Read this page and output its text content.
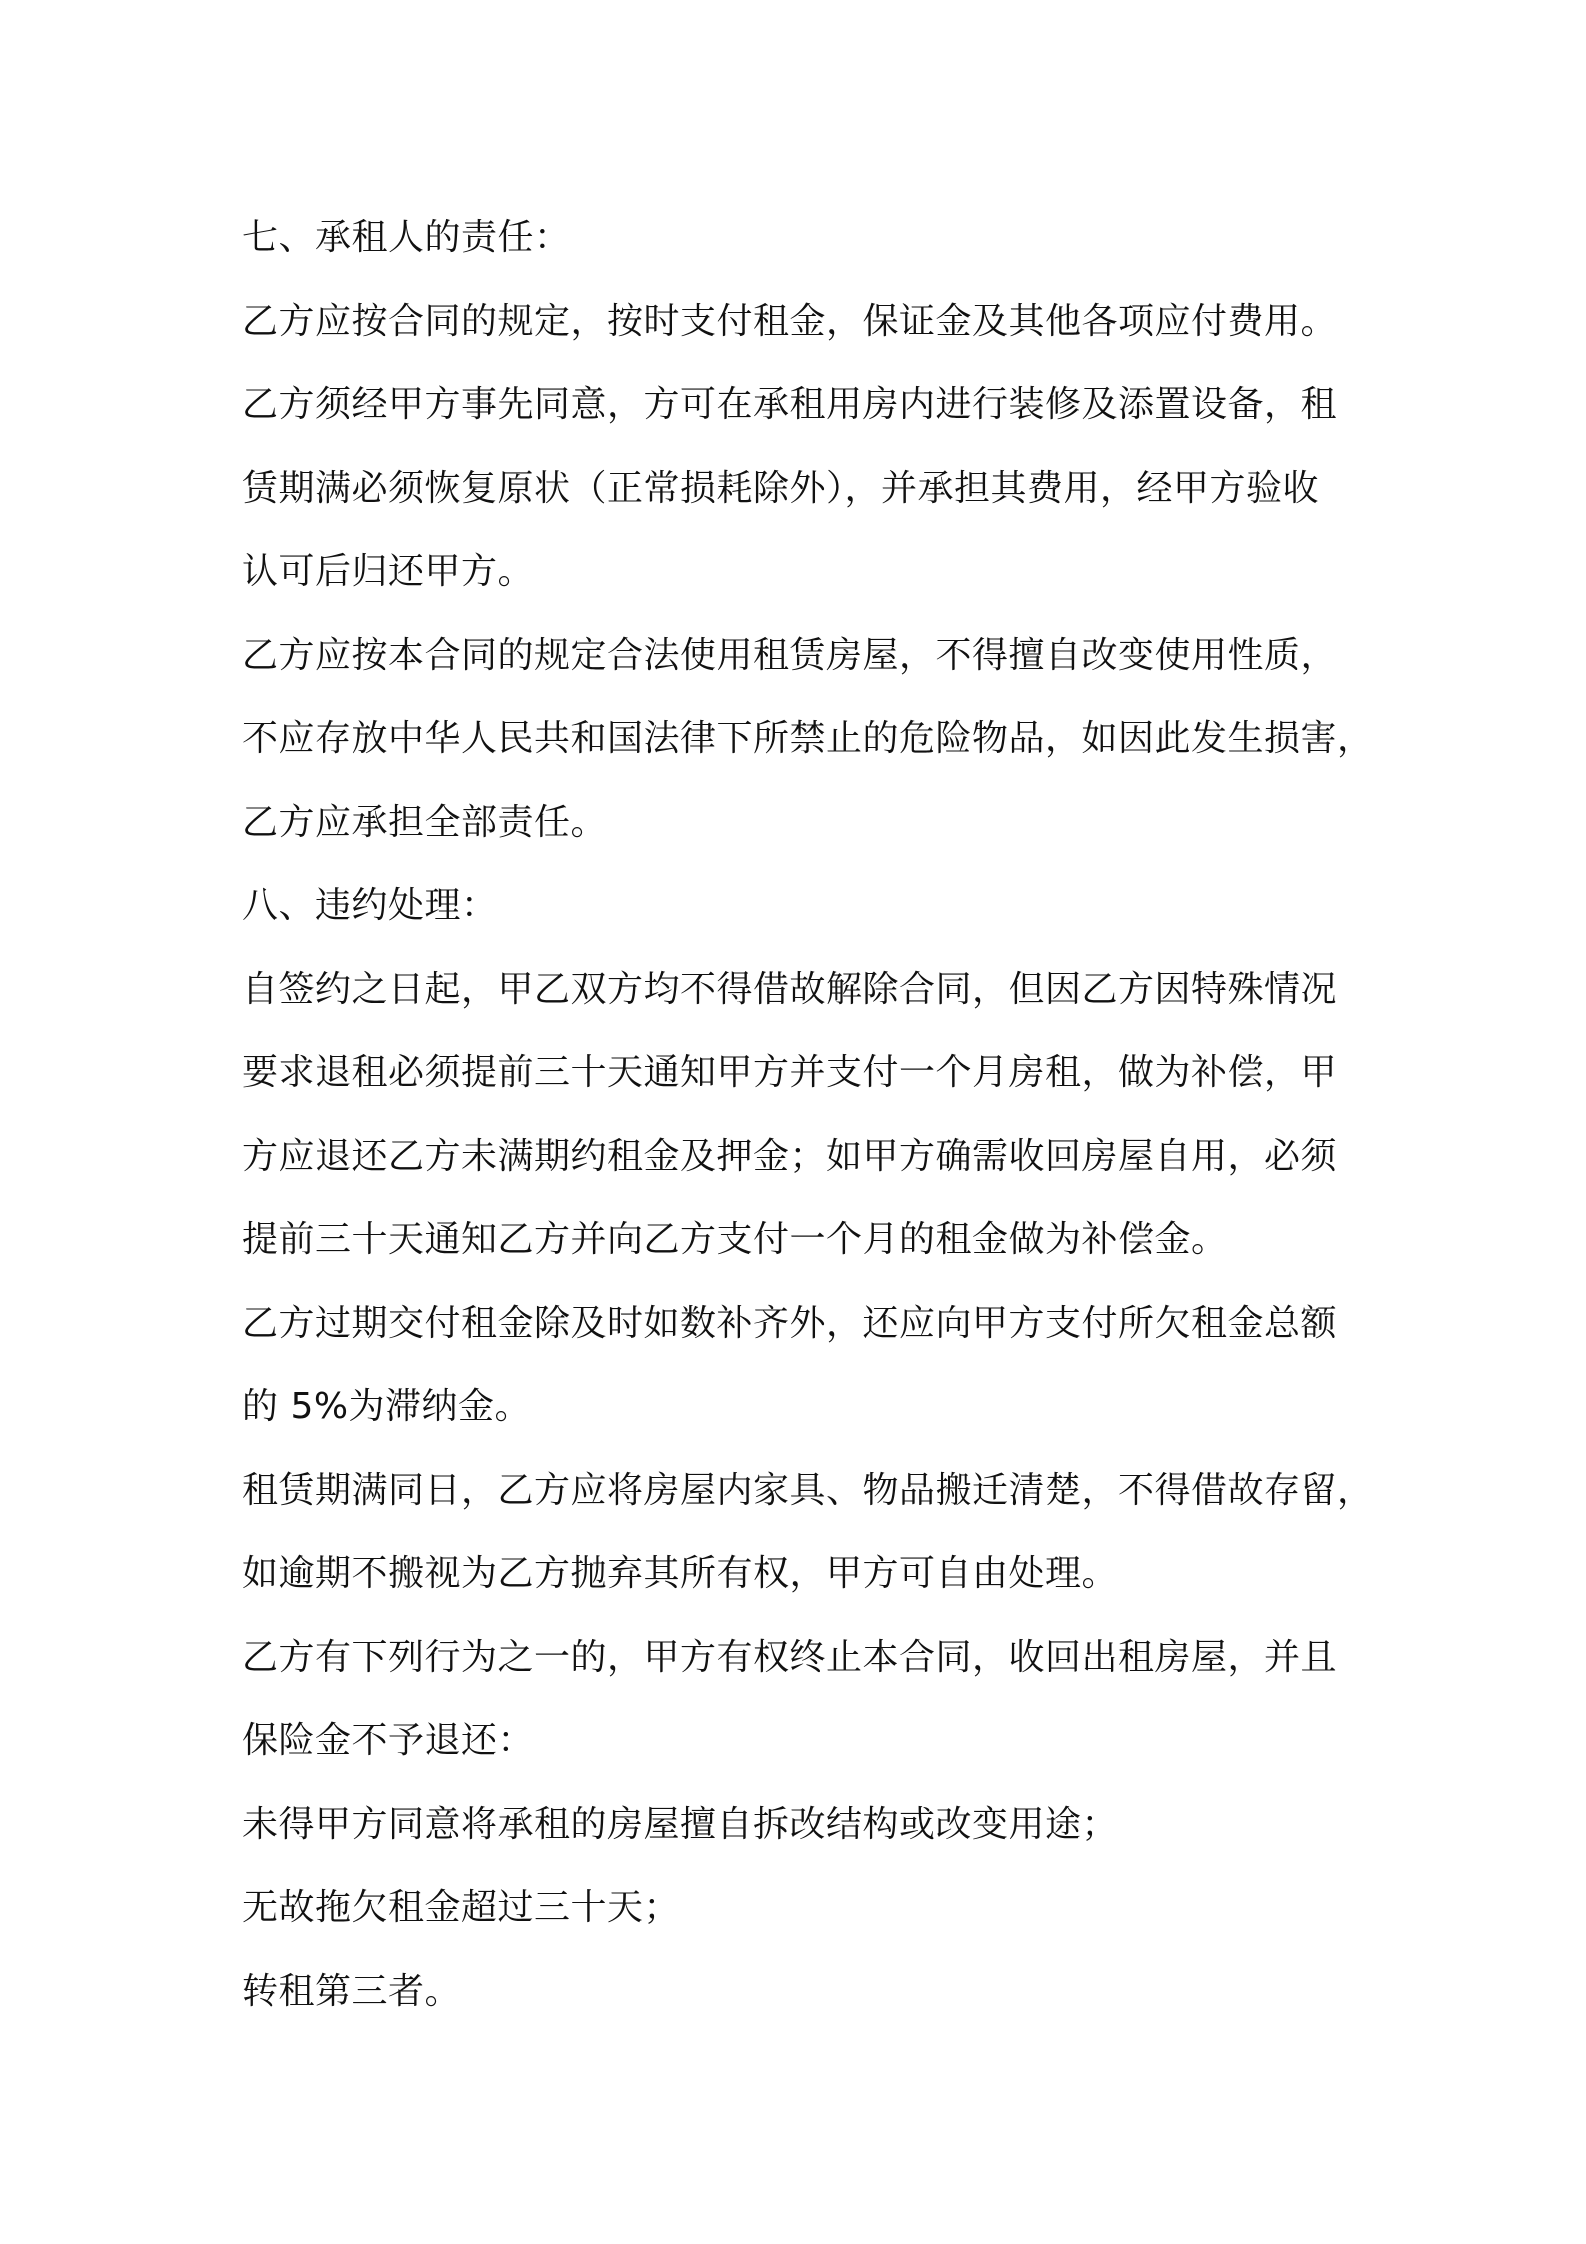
七、承租人的责任：
乙方应按合同的规定，按时支付租金，保证金及其他各项应付费用。
乙方须经甲方事先同意，方可在承租用房内进行装修及添置设备，租
赁期满必须恢复原状（正常损耗除外），并承担其费用，经甲方验收
认可后归还甲方。
乙方应按本合同的规定合法使用租赁房屋，不得擅自改变使用性质，
不应存放中华人民共和国法律下所禁止的危险物品，如因此发生损害，
乙方应承担全部责任。
八、违约处理：
自签约之日起，甲乙双方均不得借故解除合同，但因乙方因特殊情况
要求退租必须提前三十天通知甲方并支付一个月房租，做为补偿，甲
方应退还乙方未满期约租金及押金；如甲方确需收回房屋自用，必须
提前三十天通知乙方并向乙方支付一个月的租金做为补偿金。
乙方过期交付租金除及时如数补齐外，还应向甲方支付所欠租金总额
的 5%为滞纳金。
租赁期满同日，乙方应将房屋内家具、物品搬迁清楚，不得借故存留，
如逾期不搬视为乙方抛弃其所有权，甲方可自由处理。
乙方有下列行为之一的，甲方有权终止本合同，收回出租房屋，并且
保险金不予退还：
未得甲方同意将承租的房屋擅自拆改结构或改变用途；
无故拖欠租金超过三十天；
转租第三者。
